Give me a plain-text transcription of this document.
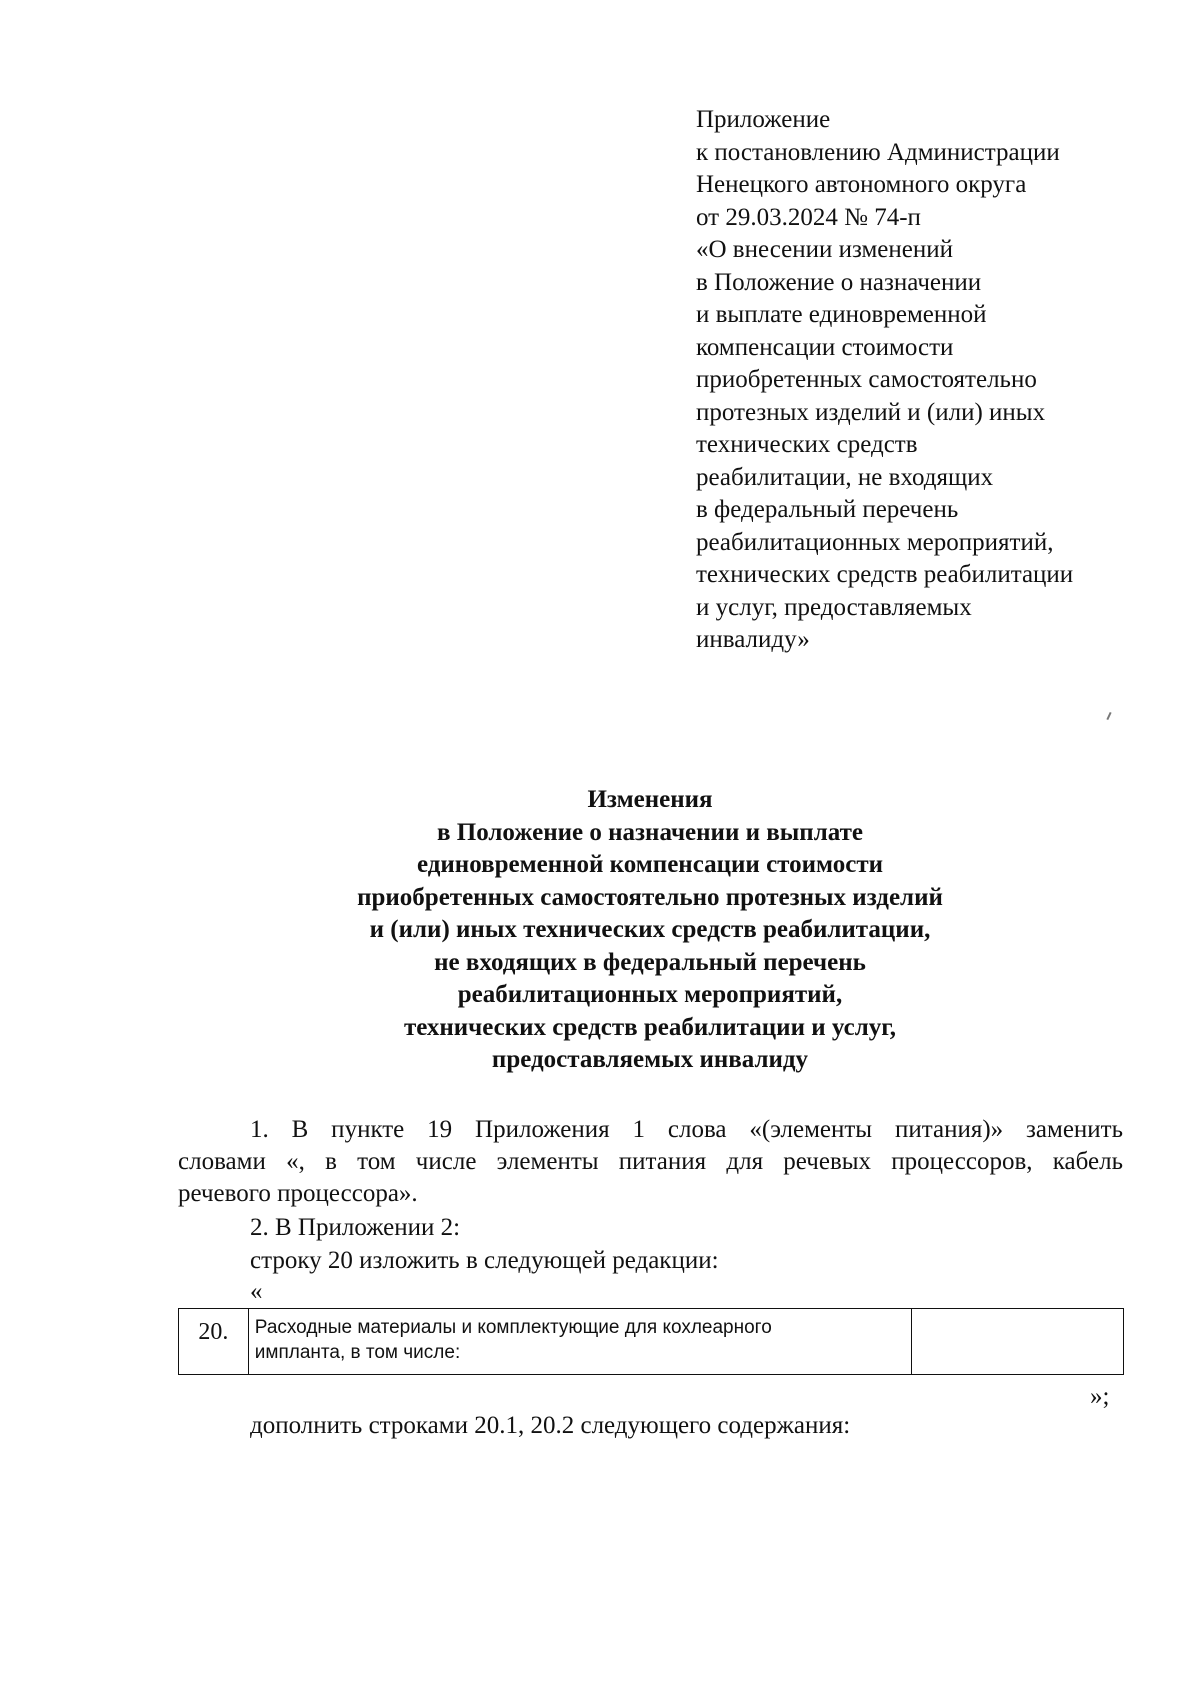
Приложение
к постановлению Администрации
Ненецкого автономного округа
от 29.03.2024 № 74-п
«О внесении изменений
в Положение о назначении
и выплате единовременной
компенсации стоимости
приобретенных самостоятельно
протезных изделий и (или) иных
технических средств
реабилитации, не входящих
в федеральный перечень
реабилитационных мероприятий,
технических средств реабилитации
и услуг, предоставляемых
инвалиду»
Изменения
в Положение о назначении и выплате
единовременной компенсации стоимости
приобретенных самостоятельно протезных изделий
и (или) иных технических средств реабилитации,
не входящих в федеральный перечень
реабилитационных мероприятий,
технических средств реабилитации и услуг,
предоставляемых инвалиду
1. В пункте 19 Приложения 1 слова «(элементы питания)» заменить
словами «, в том числе элементы питания для речевых процессоров, кабель
речевого процессора».
2. В Приложении 2:
строку 20 изложить в следующей редакции:
«
20.	Расходные материалы и комплектующие для кохлеарного
импланта, в том числе:

»;
дополнить строками 20.1, 20.2 следующего содержания:
